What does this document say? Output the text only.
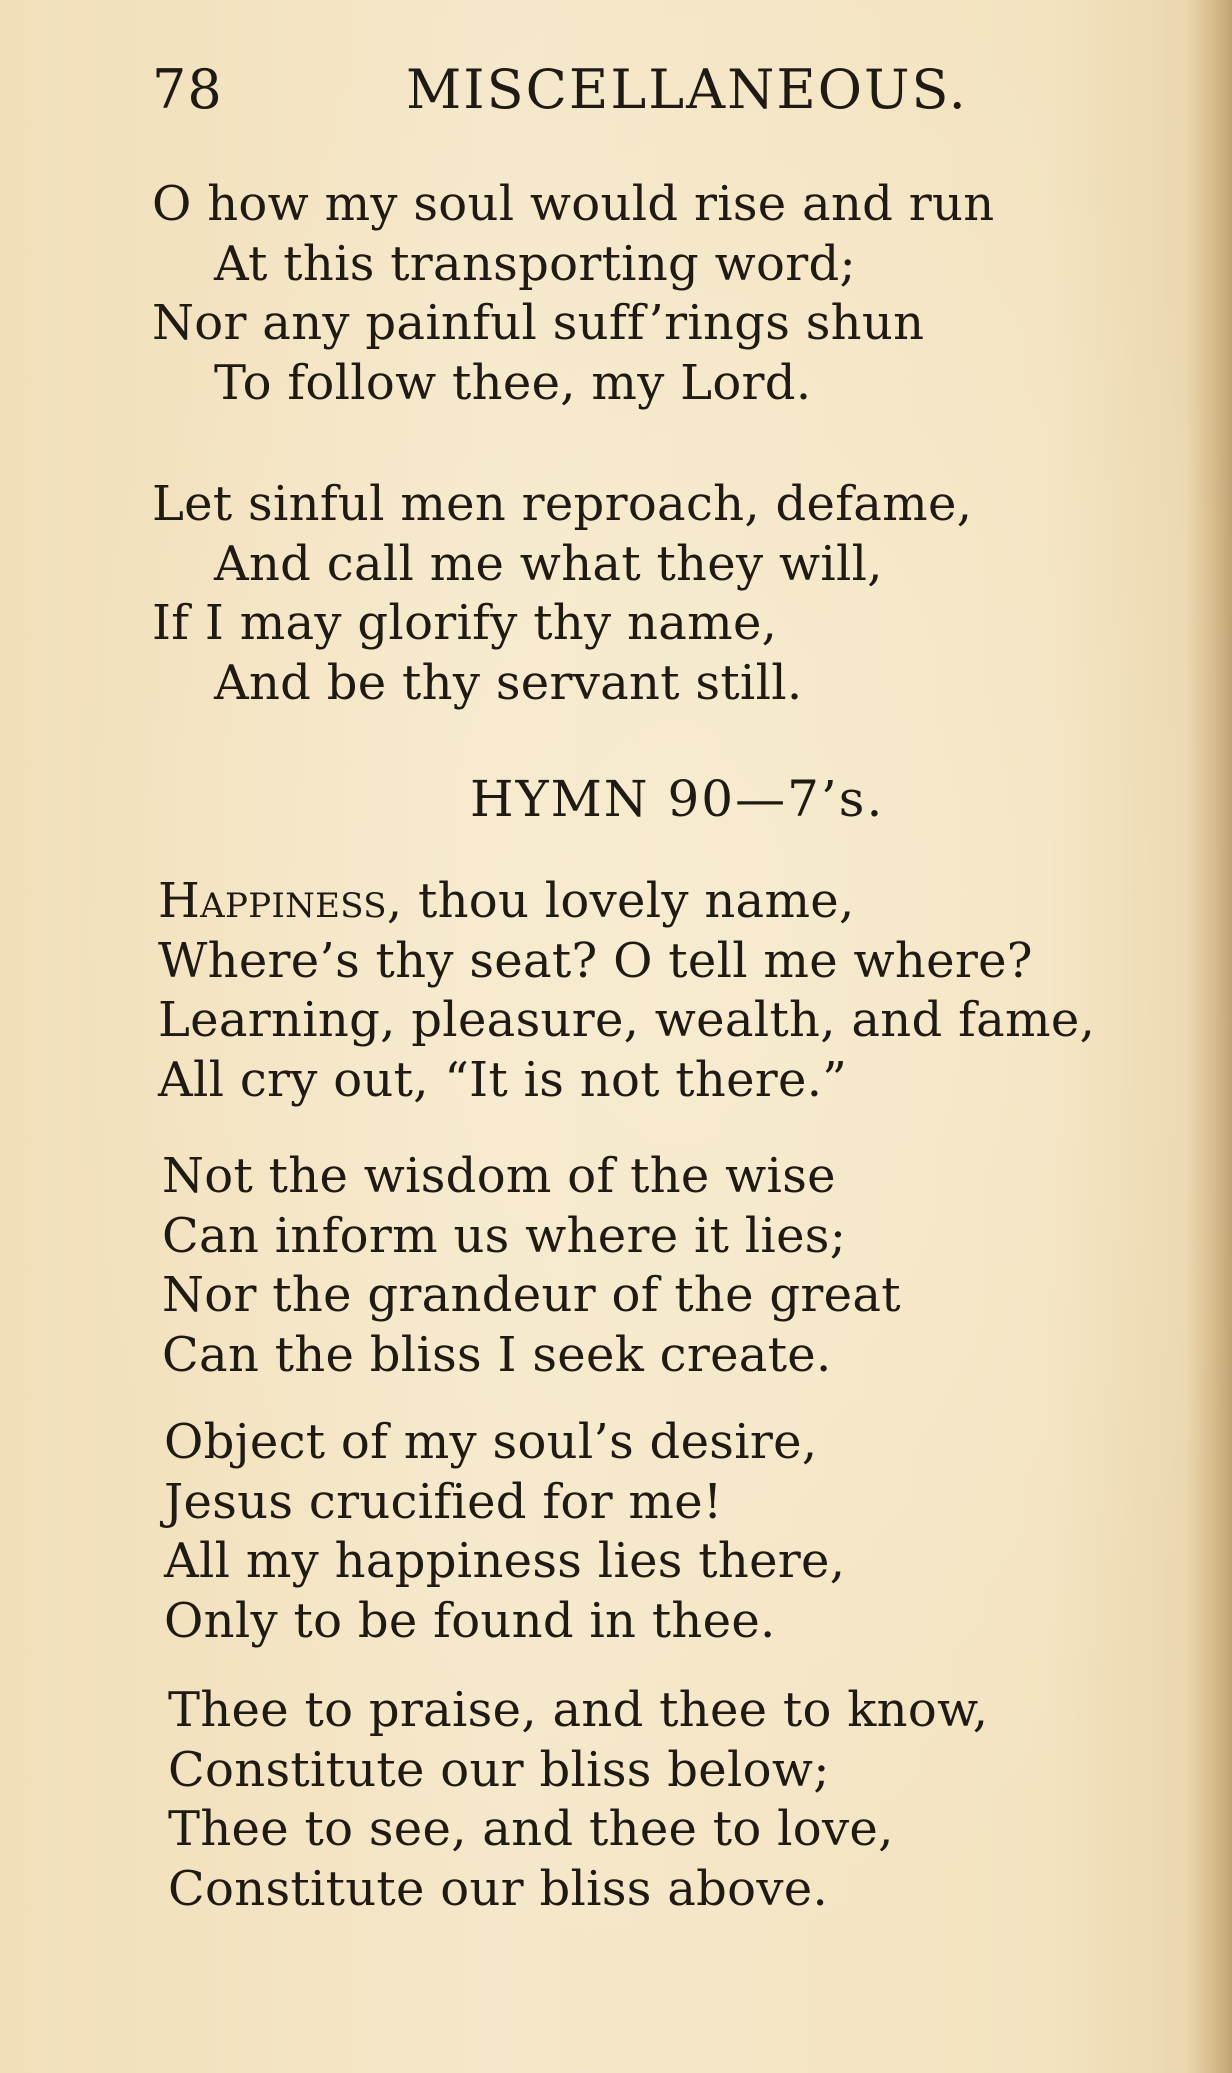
78	MISCELLANEOUS.
O how my soul would rise and run
At this transporting word;
Nor any painful suff’rings shun
To follow thee, my Lord.
Let sinful men reproach, defame,
And call me what they will,
If I may glorify thy name,
And be thy servant still.
HYMN 90—7’s.
Happiness, thou lovely name,
Where’s thy seat? O tell me where?
Learning, pleasure, wealth, and fame,
All cry out, “It is not there.”
Not the wisdom of the wise
Can inform us where it lies;
Nor the grandeur of the great
Can the bliss I seek create.
Object of my soul’s desire,
Jesus crucified for me!
All my happiness lies there,
Only to be found in thee.
Thee to praise, and thee to know,
Constitute our bliss below;
Thee to see, and thee to love,
Constitute our bliss above.
